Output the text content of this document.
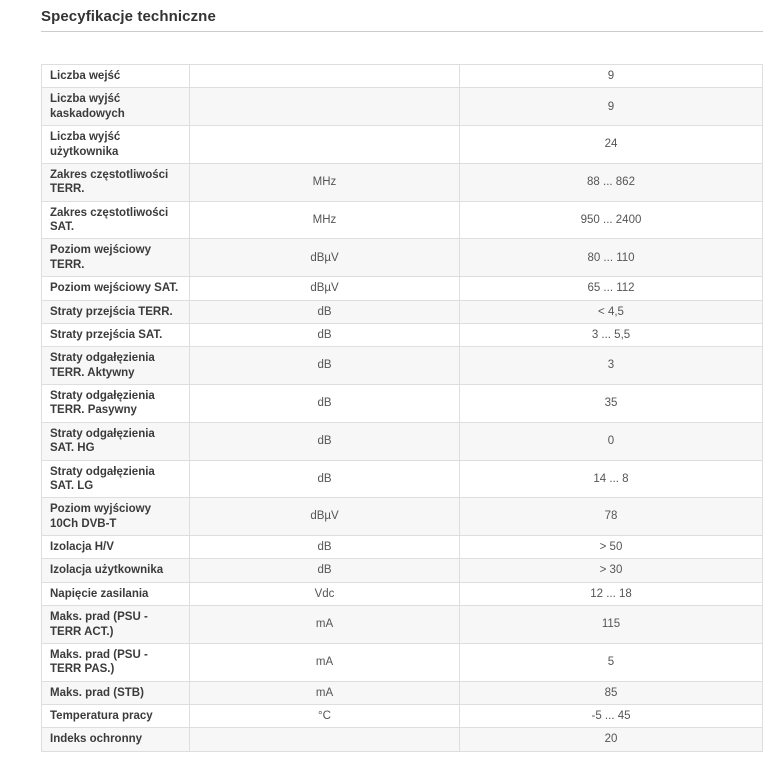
Specyfikacje techniczne
Liczba wejść		9
Liczba wyjść kaskadowych		9
Liczba wyjść użytkownika		24
Zakres częstotliwości TERR.	MHz	88 ... 862
Zakres częstotliwości SAT.	MHz	950 ... 2400
Poziom wejściowy TERR.	dBµV	80 ... 110
Poziom wejściowy SAT.	dBµV	65 ... 112
Straty przejścia TERR.	dB	< 4,5
Straty przejścia SAT.	dB	3 ... 5,5
Straty odgałęzienia TERR. Aktywny	dB	3
Straty odgałęzienia TERR. Pasywny	dB	35
Straty odgałęzienia SAT. HG	dB	0
Straty odgałęzienia SAT. LG	dB	14 ... 8
Poziom wyjściowy 10Ch DVB-T	dBµV	78
Izolacja H/V	dB	> 50
Izolacja użytkownika	dB	> 30
Napięcie zasilania	Vdc	12 ... 18
Maks. prad (PSU - TERR ACT.)	mA	115
Maks. prad (PSU - TERR PAS.)	mA	5
Maks. prad (STB)	mA	85
Temperatura pracy	°C	-5 ... 45
Indeks ochronny		20
